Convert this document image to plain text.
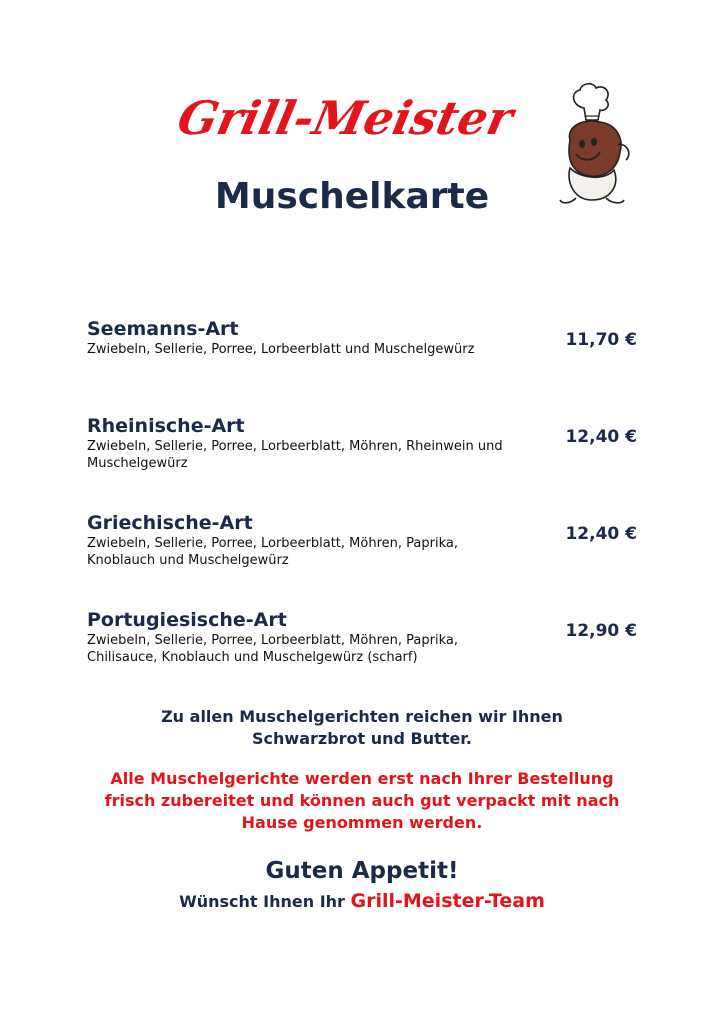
Grill-Meister
Muschelkarte
Seemanns-Art
Zwiebeln, Sellerie, Porree, Lorbeerblatt und Muschelgewürz	11,70 €
Rheinische-Art
Zwiebeln, Sellerie, Porree, Lorbeerblatt, Möhren, Rheinwein und Muschelgewürz
12,40 €
Griechische-Art
Zwiebeln, Sellerie, Porree, Lorbeerblatt, Möhren, Paprika, Knoblauch und Muschelgewürz
12,40 €
Portugiesische-Art
Zwiebeln, Sellerie, Porree, Lorbeerblatt, Möhren, Paprika, Chilisauce, Knoblauch und Muschelgewürz (scharf)
12,90 €
Zu allen Muschelgerichten reichen wir Ihnen
Schwarzbrot und Butter.
Alle Muschelgerichte werden erst nach Ihrer Bestellung
frisch zubereitet und können auch gut verpackt mit nach
Hause genommen werden.
Guten Appetit!
Wünscht Ihnen Ihr Grill-Meister-Team
